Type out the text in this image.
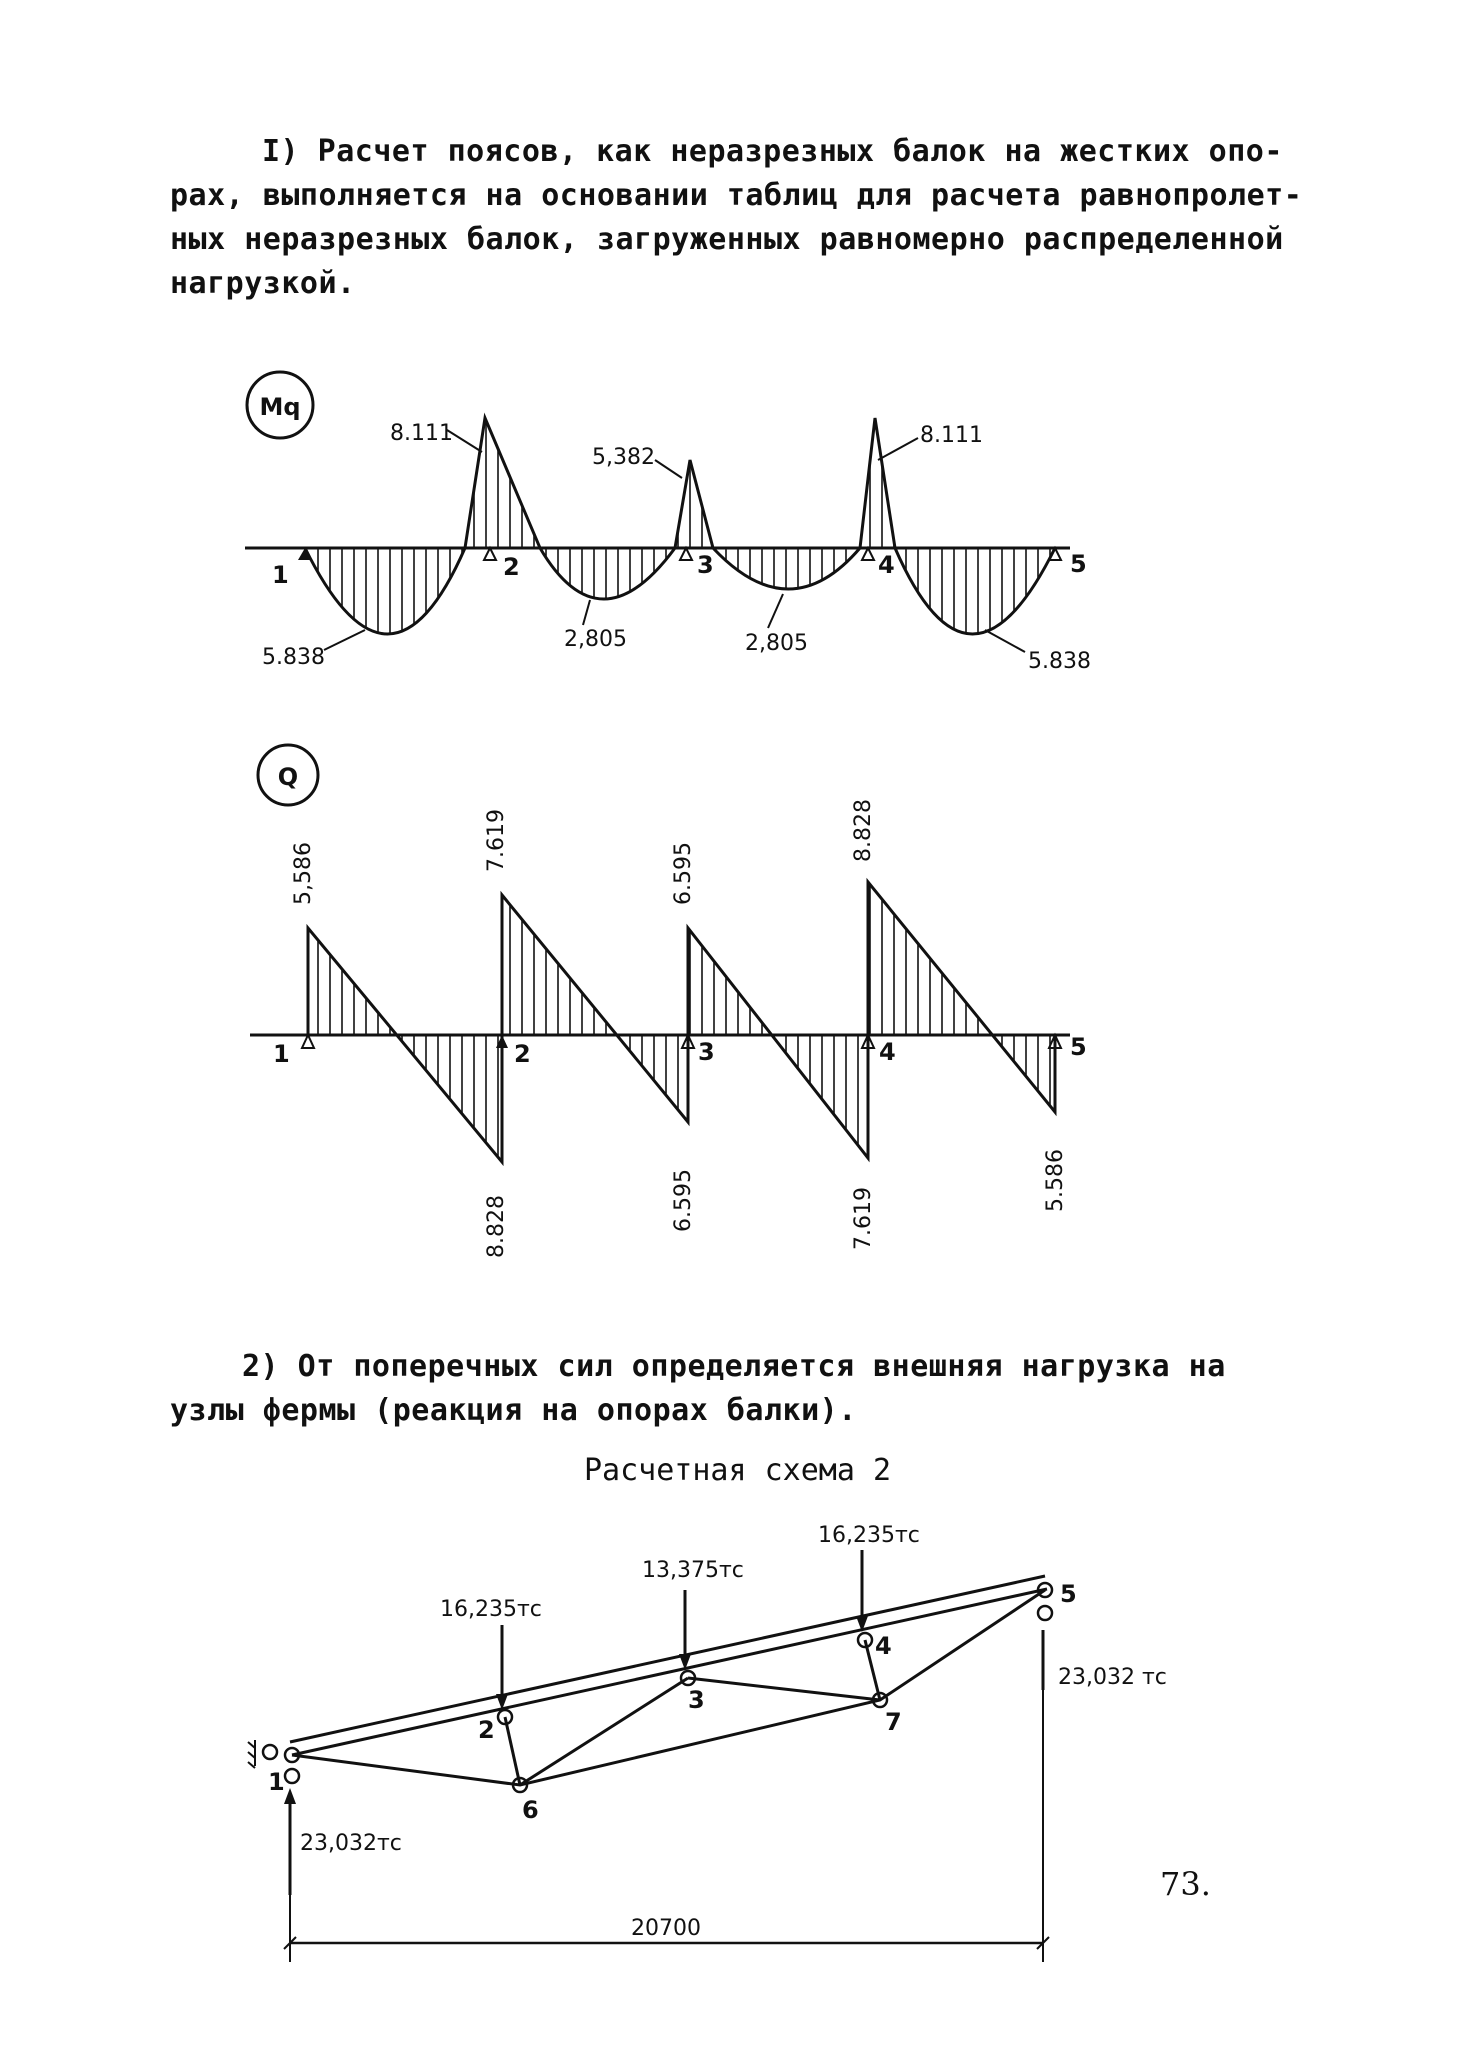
I) Расчет поясов, как неразрезных балок на жестких опо-
рах, выполняется на основании таблиц для расчета равнопролет-
ных неразрезных балок, загруженных равномерно распределенной
нагрузкой.
Mq
1	2	3	4	5
8.111
5,382
8.111
5.838
2,805	2,805
5.838
Q
1	2	3	4	5
5,586
7.619
6.595
8.828
8.828	6.595	7.619
5.586
16,235тс
13,375тс
16,235тс
23,032 тс
23,032тс
1
2
3
4
5
6
7
20700
2) От поперечных сил определяется внешняя нагрузка на
узлы фермы (реакция на опорах балки).
Расчетная схема 2
73.
